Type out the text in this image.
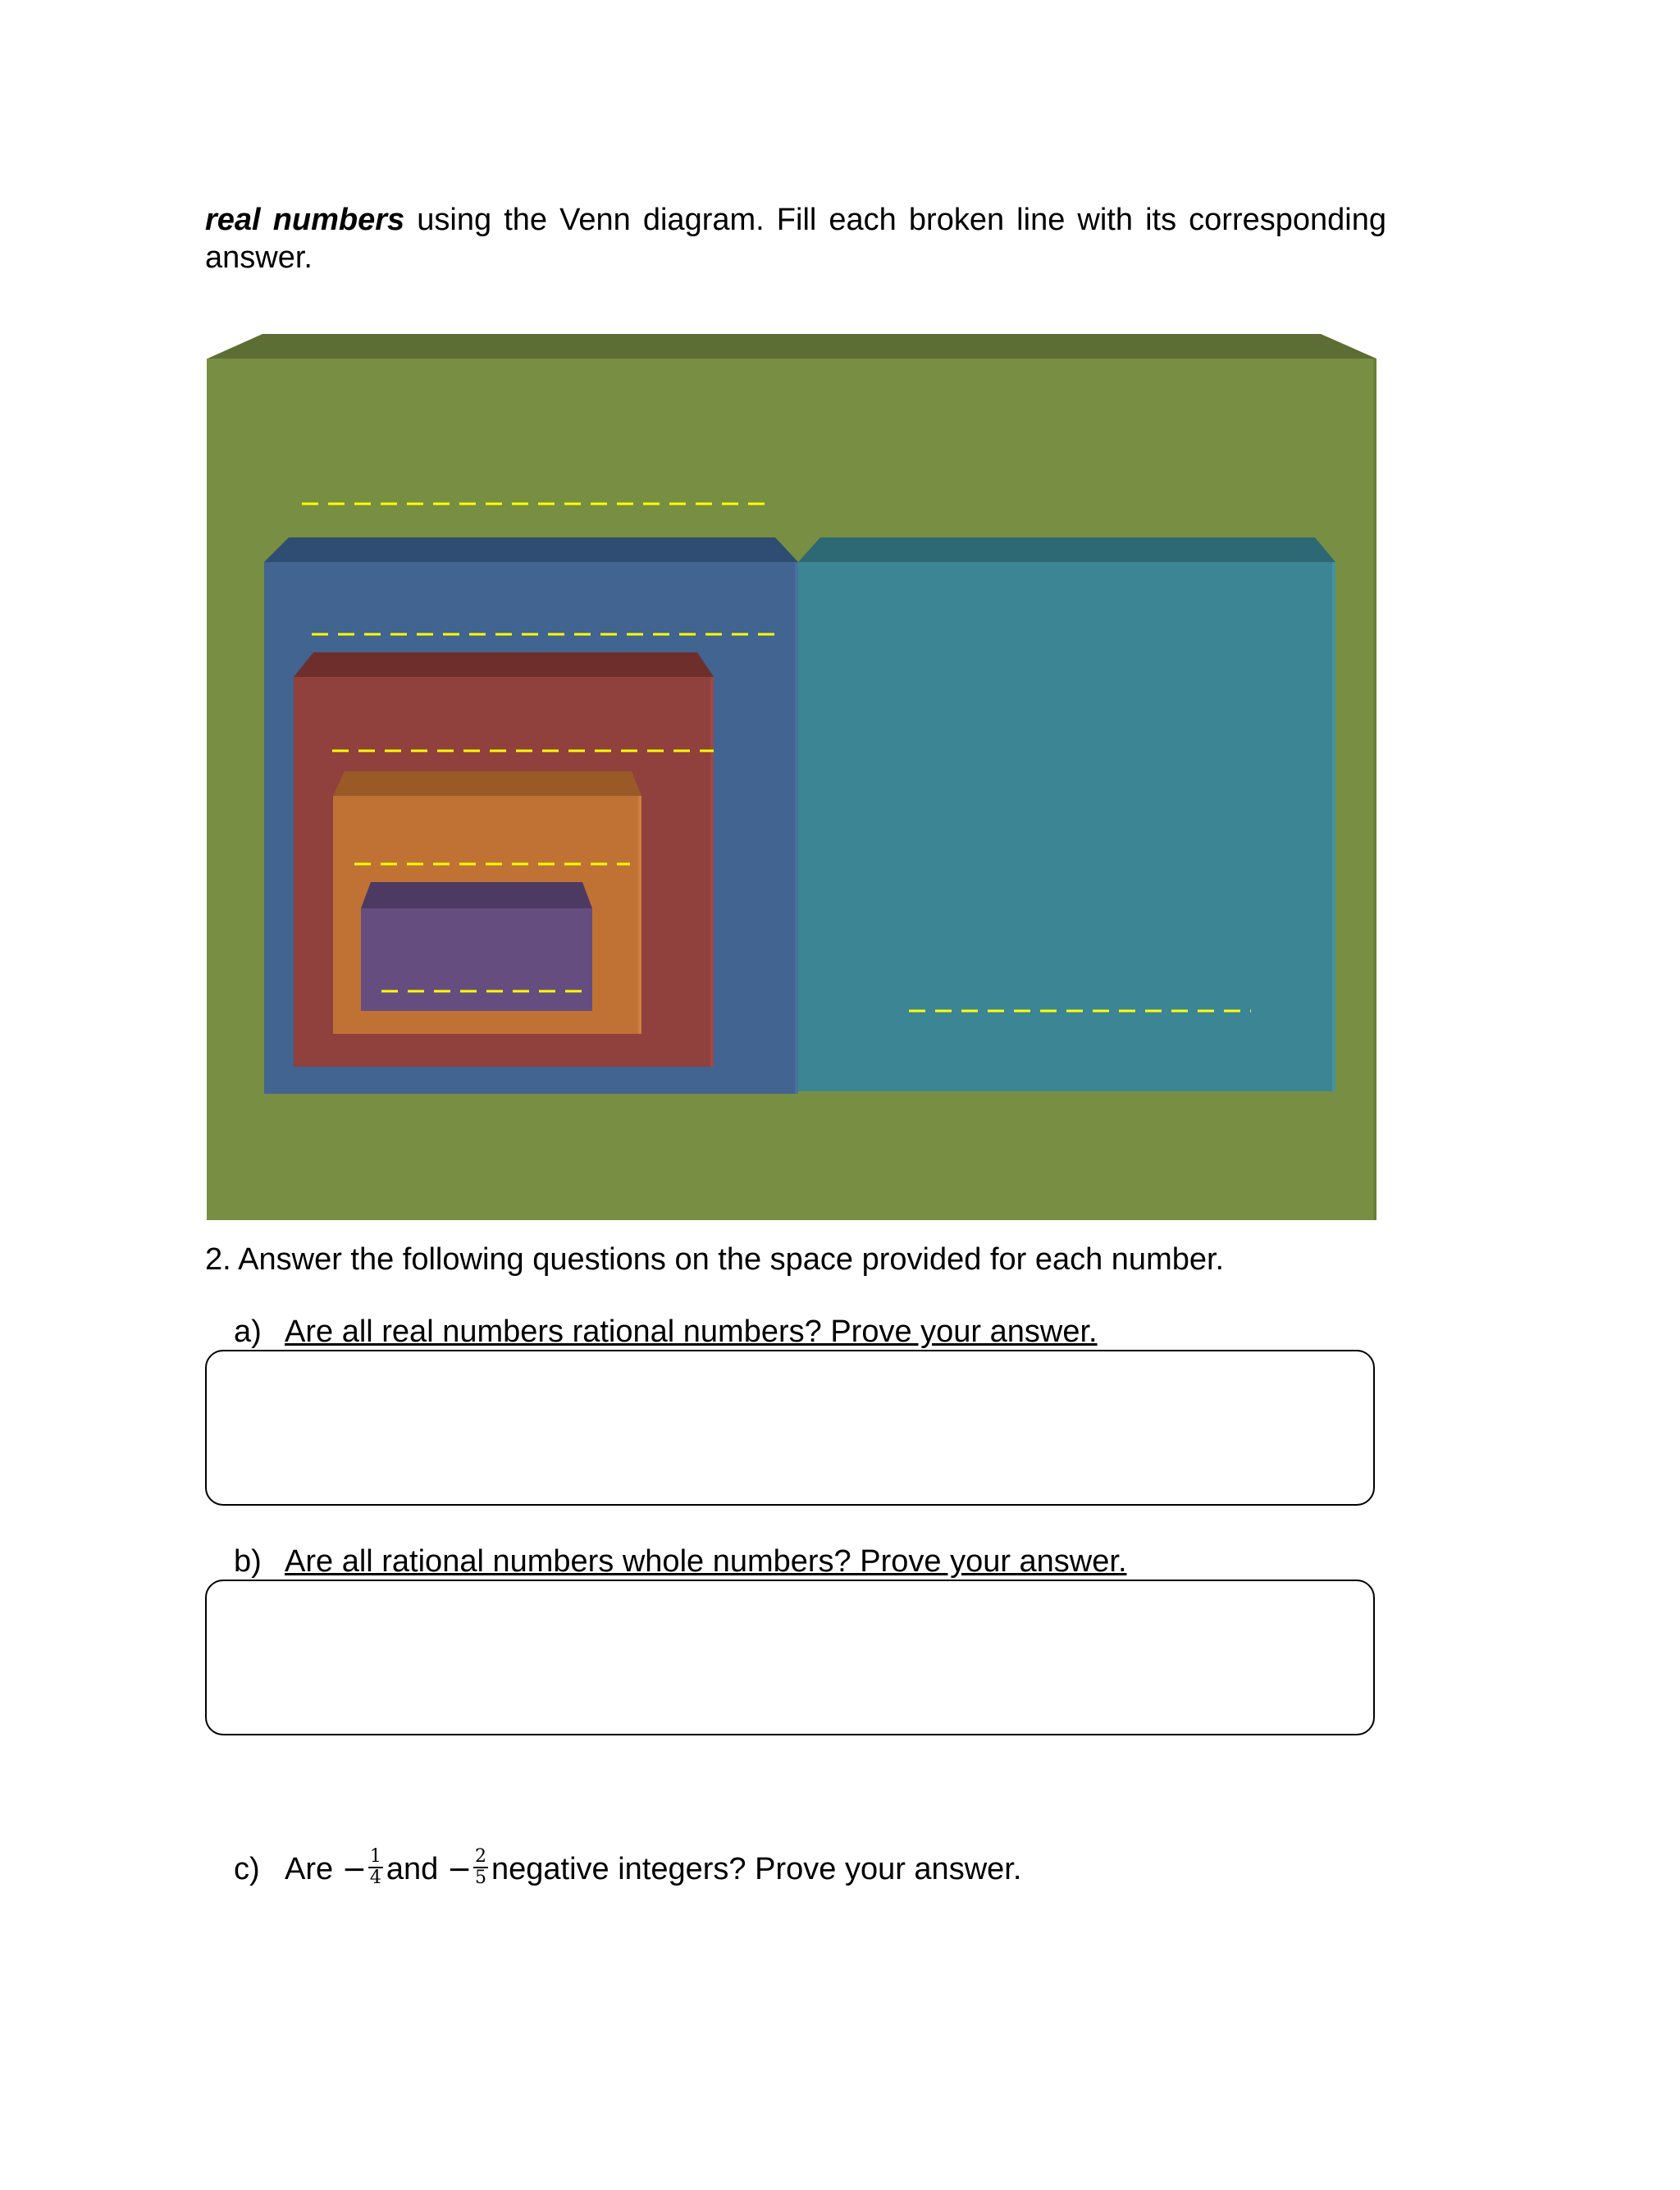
real numbers using the Venn diagram. Fill each broken line with its corresponding answer.
2. Answer the following questions on the space provided for each number.
a) Are all real numbers rational numbers? Prove your answer.
b) Are all rational numbers whole numbers? Prove your answer.
c) Are − $\frac{1}{4}$ and − $\frac{2}{5}$ negative integers? Prove your answer.
